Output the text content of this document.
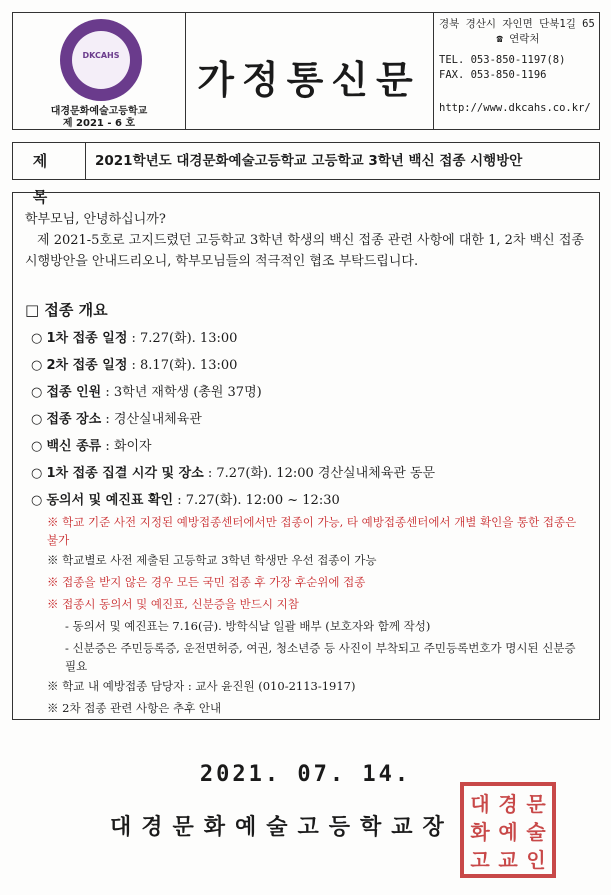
DKCAHS
대경문화예술고등학교
제 2021 - 6 호
가정통신문
경북 경산시 자인면 단북1길 65
☎ 연락처
TEL. 053-850-1197(8)
FAX. 053-850-1196
http://www.dkcahs.co.kr/
제 목
2021학년도 대경문화예술고등학교 고등학교 3학년 백신 접종 시행방안
학부모님, 안녕하십니까?
제 2021-5호로 고지드렸던 고등학교 3학년 학생의 백신 접종 관련 사항에 대한 1, 2차 백신 접종 시행방안을 안내드리오니, 학부모님들의 적극적인 협조 부탁드립니다.
□ 접종 개요
○ 1차 접종 일정 : 7.27(화). 13:00
○ 2차 접종 일정 : 8.17(화). 13:00
○ 접종 인원 : 3학년 재학생 (총원 37명)
○ 접종 장소 : 경산실내체육관
○ 백신 종류 : 화이자
○ 1차 접종 집결 시각 및 장소 : 7.27(화). 12:00 경산실내체육관 동문
○ 동의서 및 예진표 확인 : 7.27(화). 12:00 ~ 12:30
※ 학교 기준 사전 지정된 예방접종센터에서만 접종이 가능, 타 예방접종센터에서 개별 확인을 통한 접종은 불가
※ 학교별로 사전 제출된 고등학교 3학년 학생만 우선 접종이 가능
※ 접종을 받지 않은 경우 모든 국민 접종 후 가장 후순위에 접종
※ 접종시 동의서 및 예진표, 신분증을 반드시 지참
- 동의서 및 예진표는 7.16(금). 방학식날 일괄 배부 (보호자와 함께 작성)
- 신분증은 주민등록증, 운전면허증, 여권, 청소년증 등 사진이 부착되고 주민등록번호가 명시된 신분증 필요
※ 학교 내 예방접종 담당자 : 교사 윤진원 (010-2113-1917)
※ 2차 접종 관련 사항은 추후 안내
2021. 07. 14.
대경문화예술고등학교장
대 경 문
화 예 술
고 교 인
